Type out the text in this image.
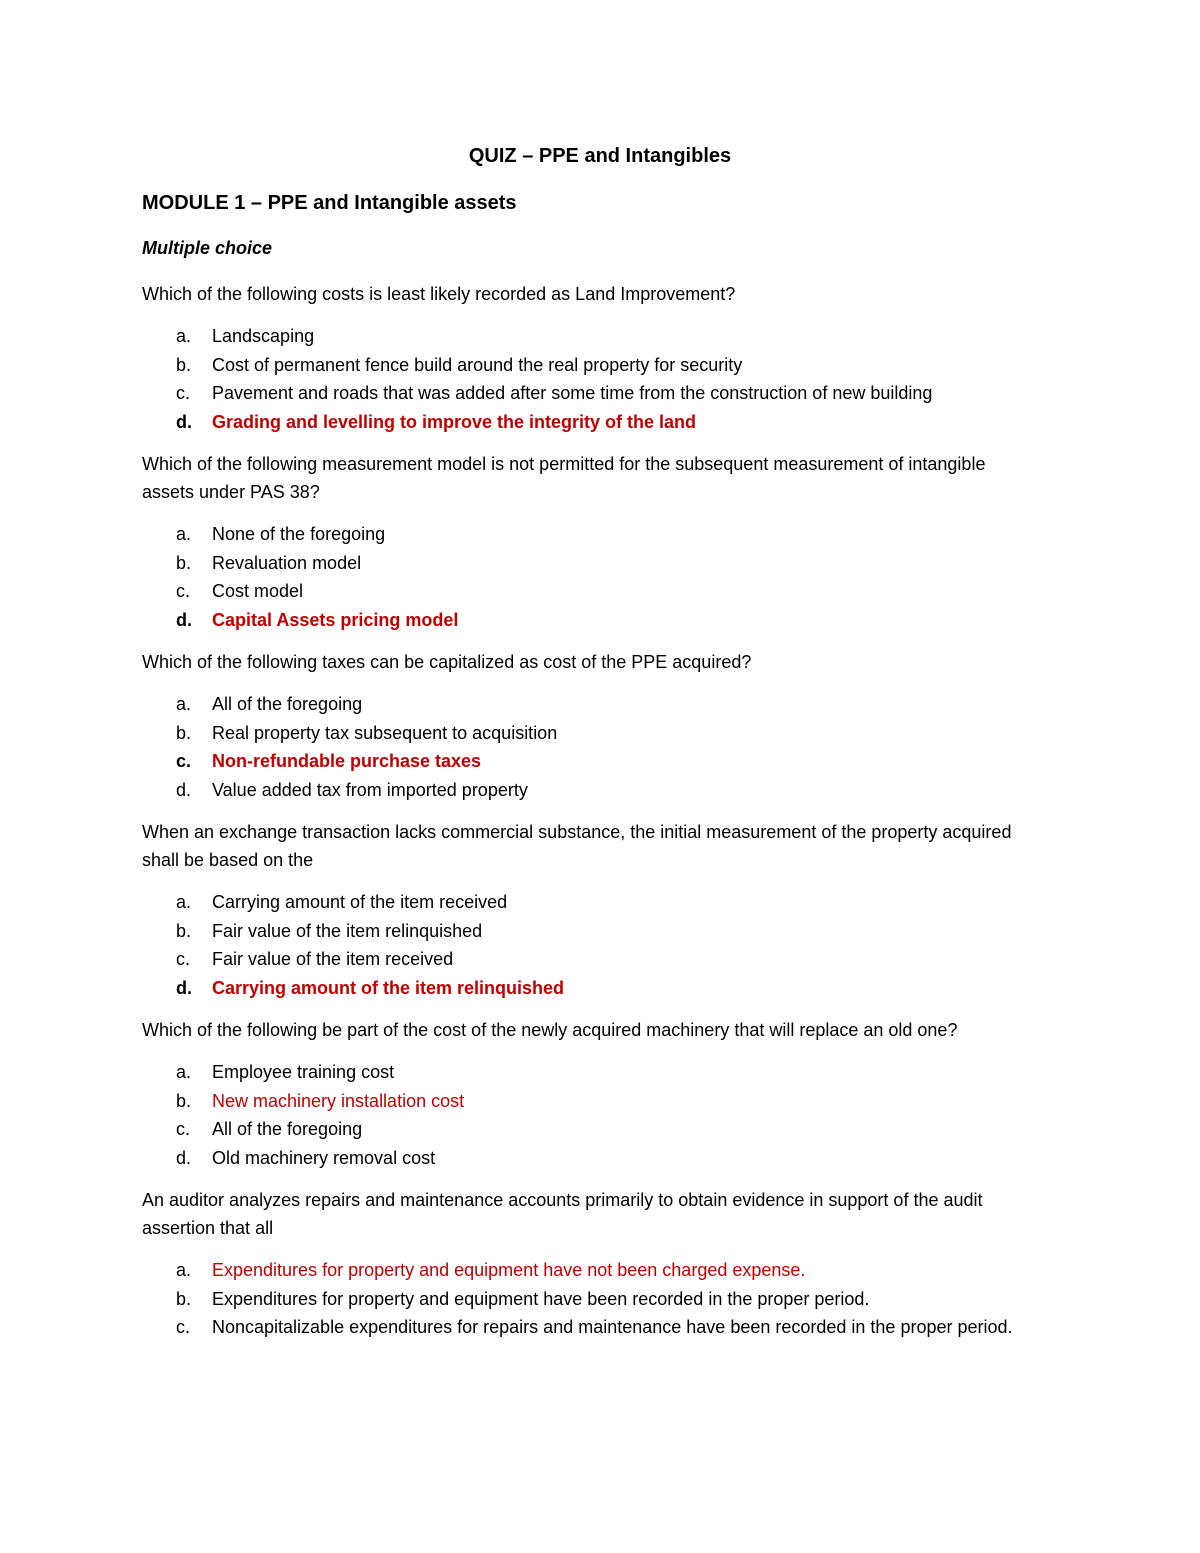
QUIZ – PPE and Intangibles
MODULE 1 – PPE and Intangible assets
Multiple choice
Which of the following costs is least likely recorded as Land Improvement?
a.	Landscaping
b.	Cost of permanent fence build around the real property for security
c.	Pavement and roads that was added after some time from the construction of new building
d.	Grading and levelling to improve the integrity of the land
Which of the following measurement model is not permitted for the subsequent measurement of intangible assets under PAS 38?
a.	None of the foregoing
b.	Revaluation model
c.	Cost model
d.	Capital Assets pricing model
Which of the following taxes can be capitalized as cost of the PPE acquired?
a.	All of the foregoing
b.	Real property tax subsequent to acquisition
c.	Non-refundable purchase taxes
d.	Value added tax from imported property
When an exchange transaction lacks commercial substance, the initial measurement of the property acquired shall be based on the
a.	Carrying amount of the item received
b.	Fair value of the item relinquished
c.	Fair value of the item received
d.	Carrying amount of the item relinquished
Which of the following be part of the cost of the newly acquired machinery that will replace an old one?
a.	Employee training cost
b.	New machinery installation cost
c.	All of the foregoing
d.	Old machinery removal cost
An auditor analyzes repairs and maintenance accounts primarily to obtain evidence in support of the audit assertion that all
a.	Expenditures for property and equipment have not been charged expense.
b.	Expenditures for property and equipment have been recorded in the proper period.
c.	Noncapitalizable expenditures for repairs and maintenance have been recorded in the proper period.
